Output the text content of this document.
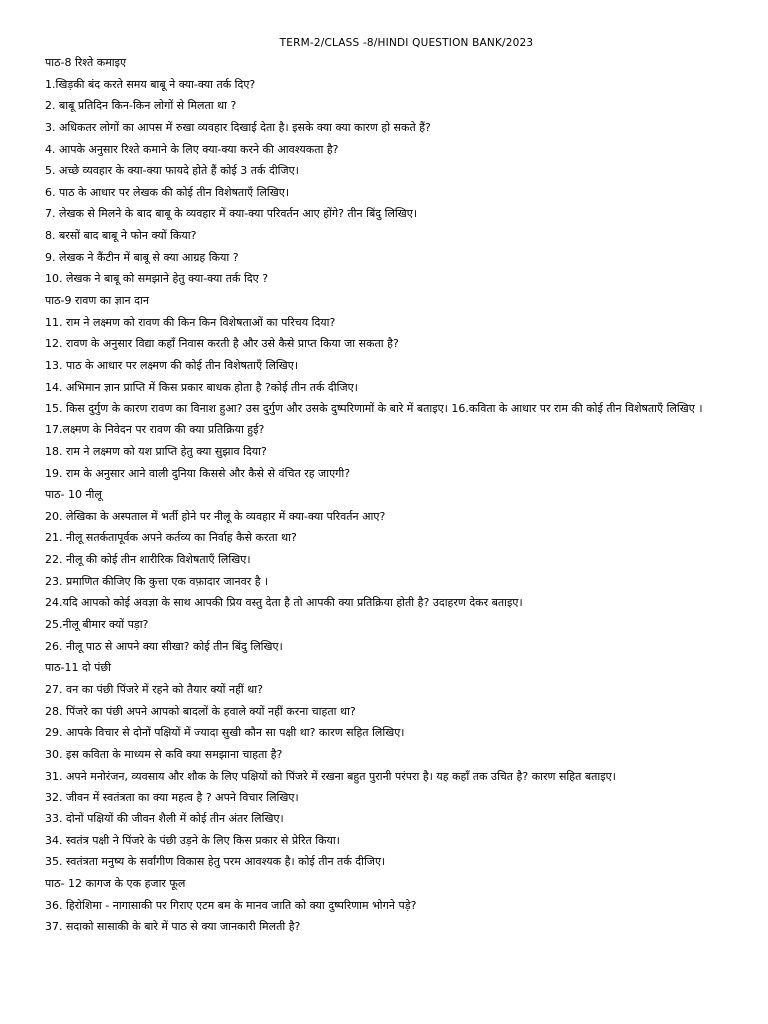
TERM-2/CLASS -8/HINDI QUESTION BANK/2023
पाठ-8 रिश्ते कमाइए
1.खिड़की बंद करते समय बाबू ने क्या-क्या तर्क दिए?
2. बाबू प्रतिदिन किन-किन लोगों से मिलता था ?
3. अधिकतर लोगों का आपस में रुखा व्यवहार दिखाई देता है। इसके क्या क्या कारण हो सकते हैं?
4. आपके अनुसार रिश्ते कमाने के लिए क्या-क्या करने की आवश्यकता है?
5. अच्छे व्यवहार के क्या-क्या फायदे होते हैं कोई 3 तर्क दीजिए।
6. पाठ के आधार पर लेखक की कोई तीन विशेषताएँ लिखिए।
7. लेखक से मिलने के बाद बाबू के व्यवहार में क्या-क्या परिवर्तन आए होंगे? तीन बिंदु लिखिए।
8. बरसों बाद बाबू ने फोन क्यों किया?
9. लेखक ने कैंटीन में बाबू से क्या आग्रह किया ?
10. लेखक ने बाबू को समझाने हेतु क्या-क्या तर्क दिए ?
पाठ-9 रावण का ज्ञान दान
11. राम ने लक्ष्मण को रावण की किन किन विशेषताओं का परिचय दिया?
12. रावण के अनुसार विद्या कहाँ निवास करती है और उसे कैसे प्राप्त किया जा सकता है?
13. पाठ के आधार पर लक्ष्मण की कोई तीन विशेषताएँ लिखिए।
14. अभिमान ज्ञान प्राप्ति में किस प्रकार बाधक होता है ?कोई तीन तर्क दीजिए।
15. किस दुर्गुण के कारण रावण का विनाश हुआ? उस दुर्गुण और उसके दुष्परिणामों के बारे में बताइए। 16.कविता के आधार पर राम की कोई तीन विशेषताएँ लिखिए ।
17.लक्ष्मण के निवेदन पर रावण की क्या प्रतिक्रिया हुई?
18. राम ने लक्ष्मण को यश प्राप्ति हेतु क्या सुझाव दिया?
19. राम के अनुसार आने वाली दुनिया किससे और कैसे से वंचित रह जाएगी?
पाठ- 10 नीलू
20. लेखिका के अस्पताल में भर्ती होने पर नीलू के व्यवहार में क्या-क्या परिवर्तन आए?
21. नीलू सतर्कतापूर्वक अपने कर्तव्य का निर्वाह कैसे करता था?
22. नीलू की कोई तीन शारीरिक विशेषताएँ लिखिए।
23. प्रमाणित कीजिए कि कुत्ता एक वफ़ादार जानवर है ।
24.यदि आपको कोई अवज्ञा के साथ आपकी प्रिय वस्तु देता है तो आपकी क्या प्रतिक्रिया होती है? उदाहरण देकर बताइए।
25.नीलू बीमार क्यों पड़ा?
26. नीलू पाठ से आपने क्या सीखा? कोई तीन बिंदु लिखिए।
पाठ-11 दो पंछी
27. वन का पंछी पिंजरे में रहने को तैयार क्यों नहीं था?
28. पिंजरे का पंछी अपने आपको बादलों के हवाले क्यों नहीं करना चाहता था?
29. आपके विचार से दोनों पक्षियों में ज्यादा सुखी कौन सा पक्षी था? कारण सहित लिखिए।
30. इस कविता के माध्यम से कवि क्या समझाना चाहता है?
31. अपने मनोरंजन, व्यवसाय और शौक के लिए पक्षियों को पिंजरे में रखना बहुत पुरानी परंपरा है। यह कहाँ तक उचित है? कारण सहित बताइए।
32. जीवन में स्वतंत्रता का क्या महत्व है ? अपने विचार लिखिए।
33. दोनों पक्षियों की जीवन शैली में कोई तीन अंतर लिखिए।
34. स्वतंत्र पक्षी ने पिंजरे के पंछी उड़ने के लिए किस प्रकार से प्रेरित किया।
35. स्वतंत्रता मनुष्य के सर्वांगीण विकास हेतु परम आवश्यक है। कोई तीन तर्क दीजिए।
पाठ- 12 कागज के एक हजार फूल
36. हिरोशिमा - नागासाकी पर गिराए एटम बम के मानव जाति को क्या दुष्परिणाम भोगने पड़े?
37. सदाको सासाकी के बारे में पाठ से क्या जानकारी मिलती है?
